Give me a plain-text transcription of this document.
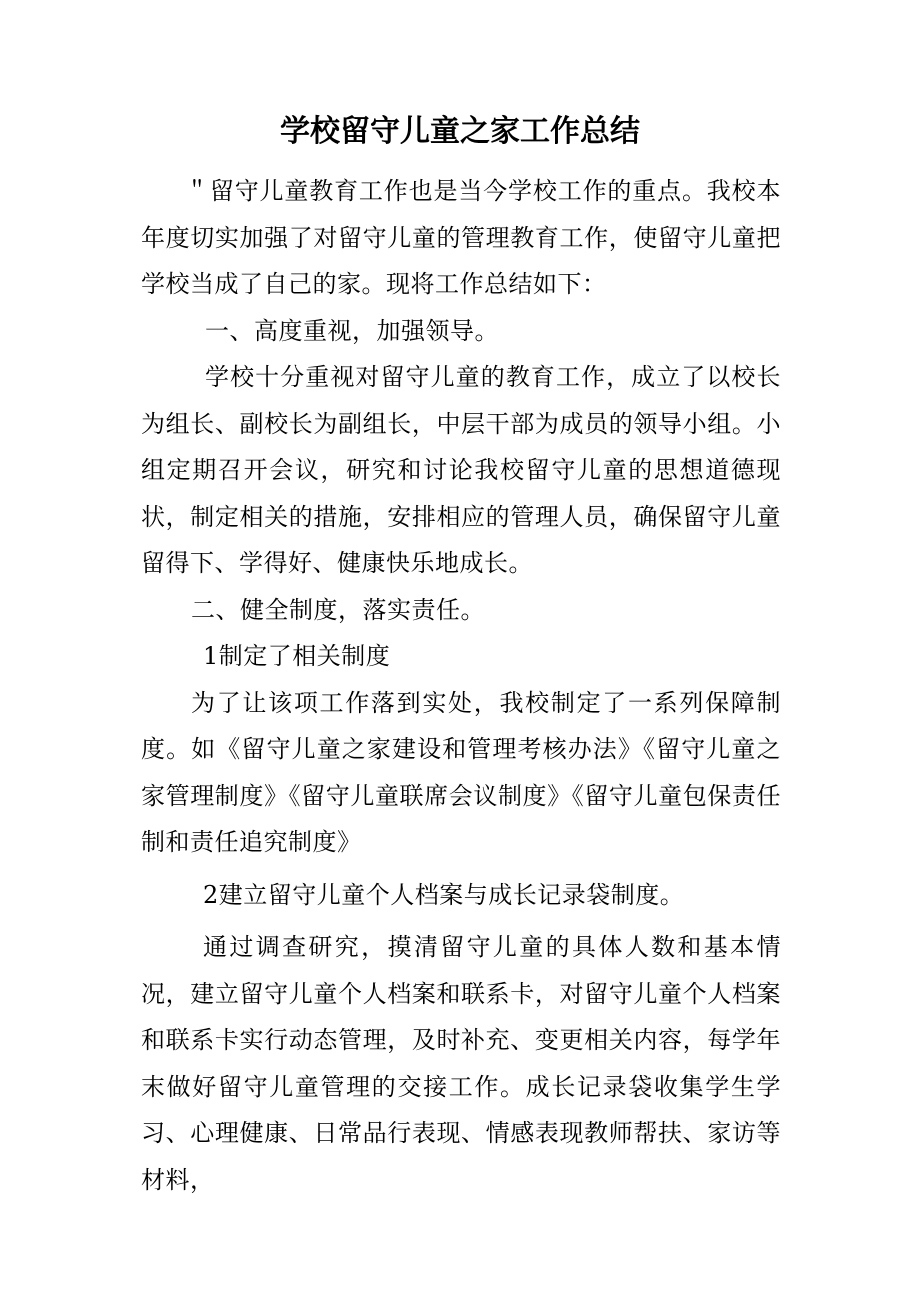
学校留守儿童之家工作总结

＂留守儿童教育工作也是当今学校工作的重点。我校本年度切实加强了对留守儿童的管理教育工作，使留守儿童把学校当成了自己的家。现将工作总结如下：

一、高度重视，加强领导。

学校十分重视对留守儿童的教育工作，成立了以校长为组长、副校长为副组长，中层干部为成员的领导小组。小组定期召开会议，研究和讨论我校留守儿童的思想道德现状，制定相关的措施，安排相应的管理人员，确保留守儿童留得下、学得好、健康快乐地成长。

二、健全制度，落实责任。

1制定了相关制度

为了让该项工作落到实处，我校制定了一系列保障制度。如《留守儿童之家建设和管理考核办法》《留守儿童之家管理制度》《留守儿童联席会议制度》《留守儿童包保责任制和责任追究制度》

2建立留守儿童个人档案与成长记录袋制度。

通过调查研究，摸清留守儿童的具体人数和基本情况，建立留守儿童个人档案和联系卡，对留守儿童个人档案和联系卡实行动态管理，及时补充、变更相关内容，每学年末做好留守儿童管理的交接工作。成长记录袋收集学生学习、心理健康、日常品行表现、情感表现教师帮扶、家访等材料，
